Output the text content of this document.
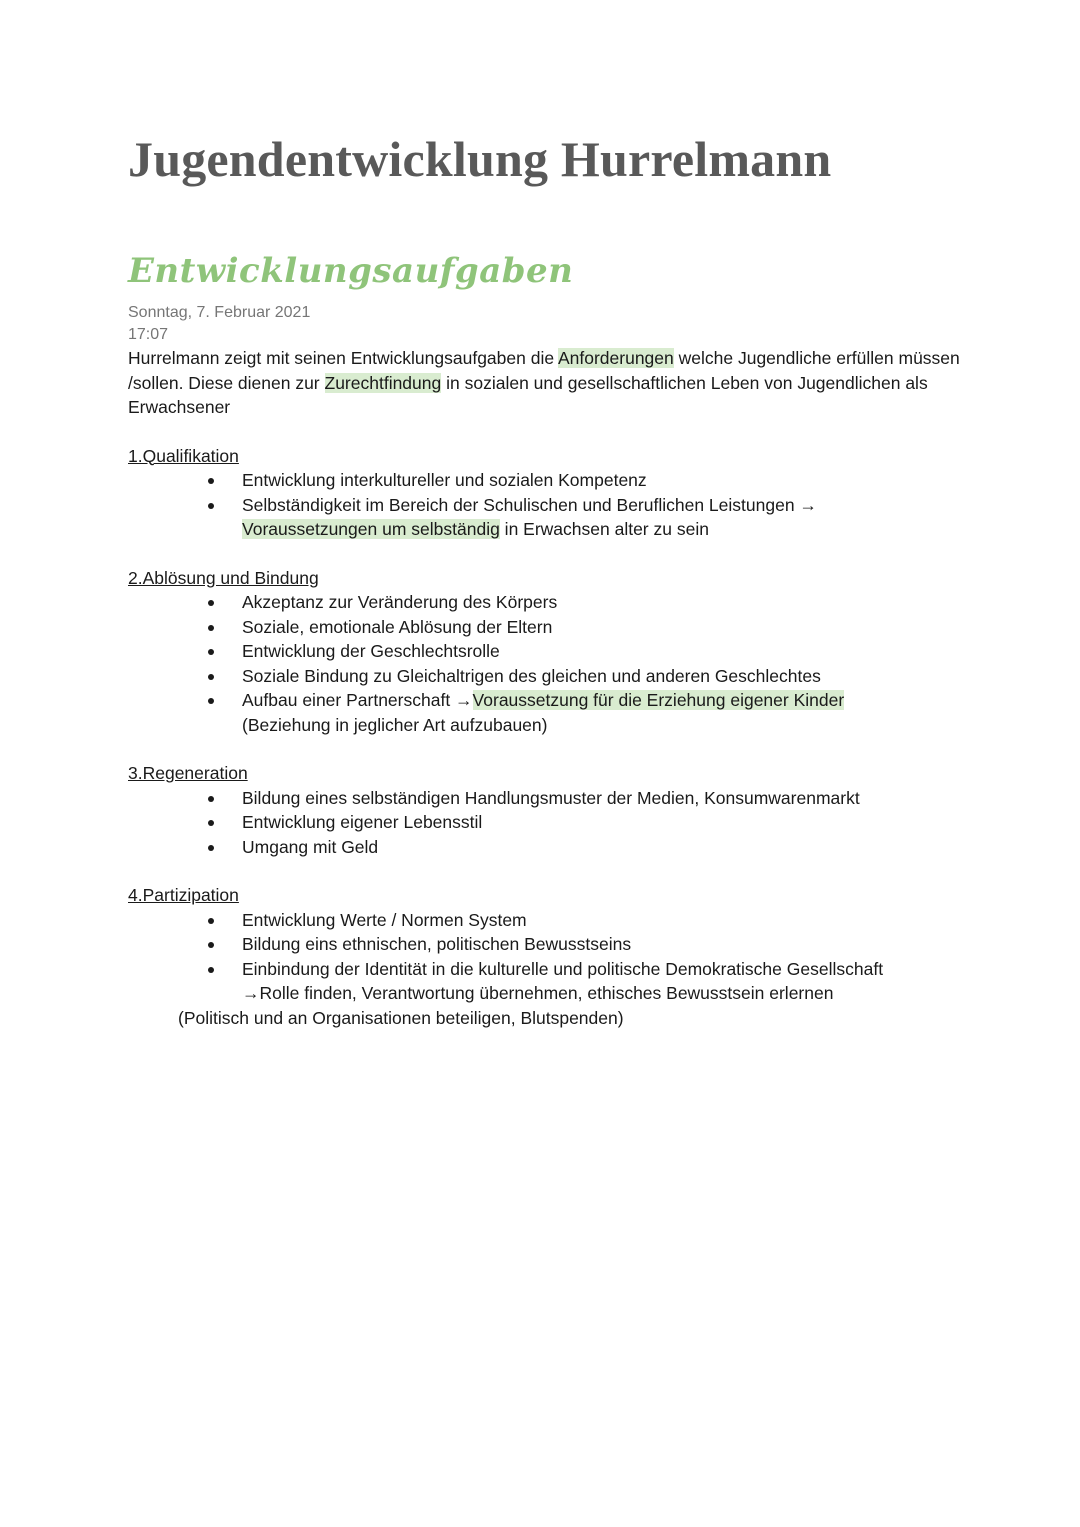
Jugendentwicklung Hurrelmann
Entwicklungsaufgaben
Sonntag, 7. Februar 2021
17:07
Hurrelmann zeigt mit seinen Entwicklungsaufgaben die Anforderungen welche Jugendliche erfüllen müssen /sollen. Diese dienen zur Zurechtfindung in sozialen und gesellschaftlichen Leben von Jugendlichen als Erwachsener
1.Qualifikation
Entwicklung interkultureller und sozialen Kompetenz
Selbständigkeit im Bereich der Schulischen und Beruflichen Leistungen →
Voraussetzungen um selbständig in Erwachsen alter zu sein
2.Ablösung und Bindung
Akzeptanz zur Veränderung des Körpers
Soziale, emotionale Ablösung der Eltern
Entwicklung der Geschlechtsrolle
Soziale Bindung zu Gleichaltrigen des gleichen und anderen Geschlechtes
Aufbau einer Partnerschaft →Voraussetzung für die Erziehung eigener Kinder
(Beziehung in jeglicher Art aufzubauen)
3.Regeneration
Bildung eines selbständigen Handlungsmuster der Medien, Konsumwarenmarkt
Entwicklung eigener Lebensstil
Umgang mit Geld
4.Partizipation
Entwicklung Werte / Normen System
Bildung eins ethnischen, politischen Bewusstseins
Einbindung der Identität in die kulturelle und politische Demokratische Gesellschaft
→Rolle finden, Verantwortung übernehmen, ethisches Bewusstsein erlernen
(Politisch und an Organisationen beteiligen, Blutspenden)
